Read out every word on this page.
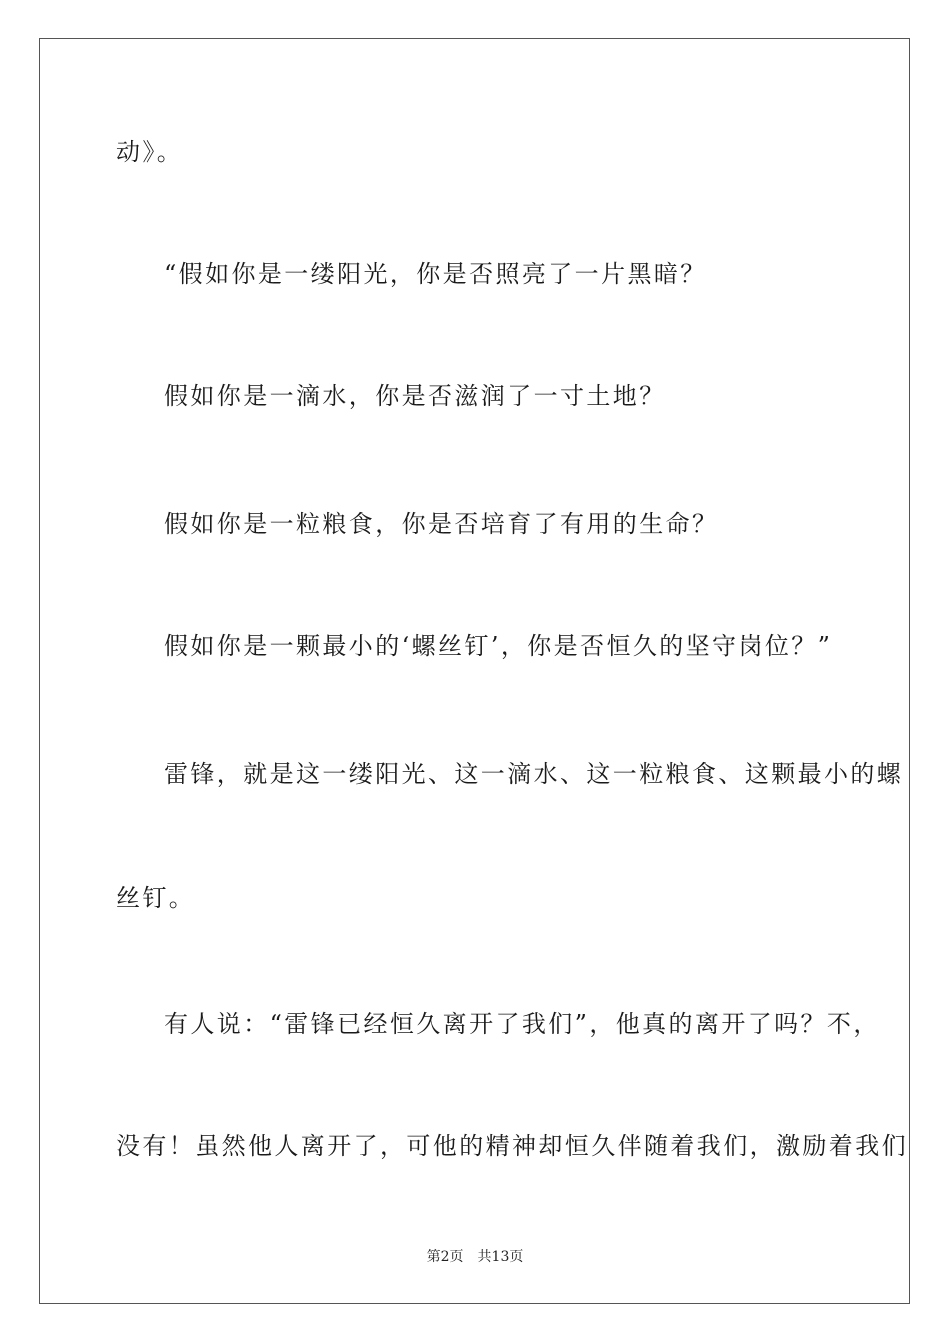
动》。
“假如你是一缕阳光，你是否照亮了一片黑暗？
假如你是一滴水，你是否滋润了一寸土地？
假如你是一粒粮食，你是否培育了有用的生命？
假如你是一颗最小的‘螺丝钉’，你是否恒久的坚守岗位？”
雷锋，就是这一缕阳光、这一滴水、这一粒粮食、这颗最小的螺
丝钉。
有人说：“雷锋已经恒久离开了我们”，他真的离开了吗？不，
没有！虽然他人离开了，可他的精神却恒久伴随着我们，激励着我们
第2页 共13页
